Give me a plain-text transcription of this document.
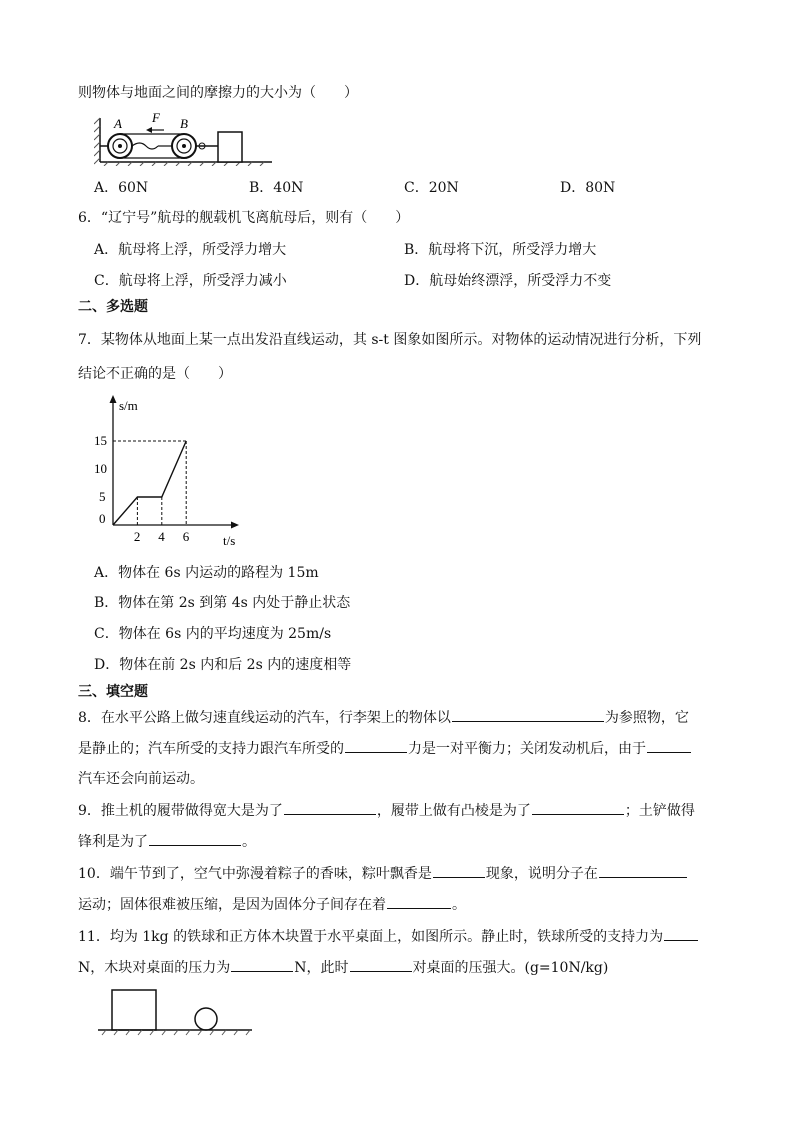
则物体与地面之间的摩擦力的大小为（　　）
A	B
F
A．60N	B．40N	C．20N	D．80N
6．“辽宁号”航母的舰载机飞离航母后，则有（　　）
A．航母将上浮，所受浮力增大	B．航母将下沉，所受浮力增大
C．航母将上浮，所受浮力减小	D．航母始终漂浮，所受浮力不变
二、多选题
7．某物体从地面上某一点出发沿直线运动，其 s-t 图象如图所示。对物体的运动情况进行分析，下列
结论不正确的是（　　）
s/m
t/s
2 4 6
0
5
10
15
A．物体在 6s 内运动的路程为 15m
B．物体在第 2s 到第 4s 内处于静止状态
C．物体在 6s 内的平均速度为 25m/s
D．物体在前 2s 内和后 2s 内的速度相等
三、填空题
8．在水平公路上做匀速直线运动的汽车，行李架上的物体以	为参照物，它
是静止的；汽车所受的支持力跟汽车所受的	力是一对平衡力；关闭发动机后，由于
汽车还会向前运动。
9．推土机的履带做得宽大是为了	，履带上做有凸棱是为了	；土铲做得
锋利是为了	。
10．端午节到了，空气中弥漫着粽子的香味，粽叶飘香是	现象，说明分子在
运动；固体很难被压缩，是因为固体分子间存在着	。
11．均为 1kg 的铁球和正方体木块置于水平桌面上，如图所示。静止时，铁球所受的支持力为
N，木块对桌面的压力为	N，此时	对桌面的压强大。(g=10N/kg)
